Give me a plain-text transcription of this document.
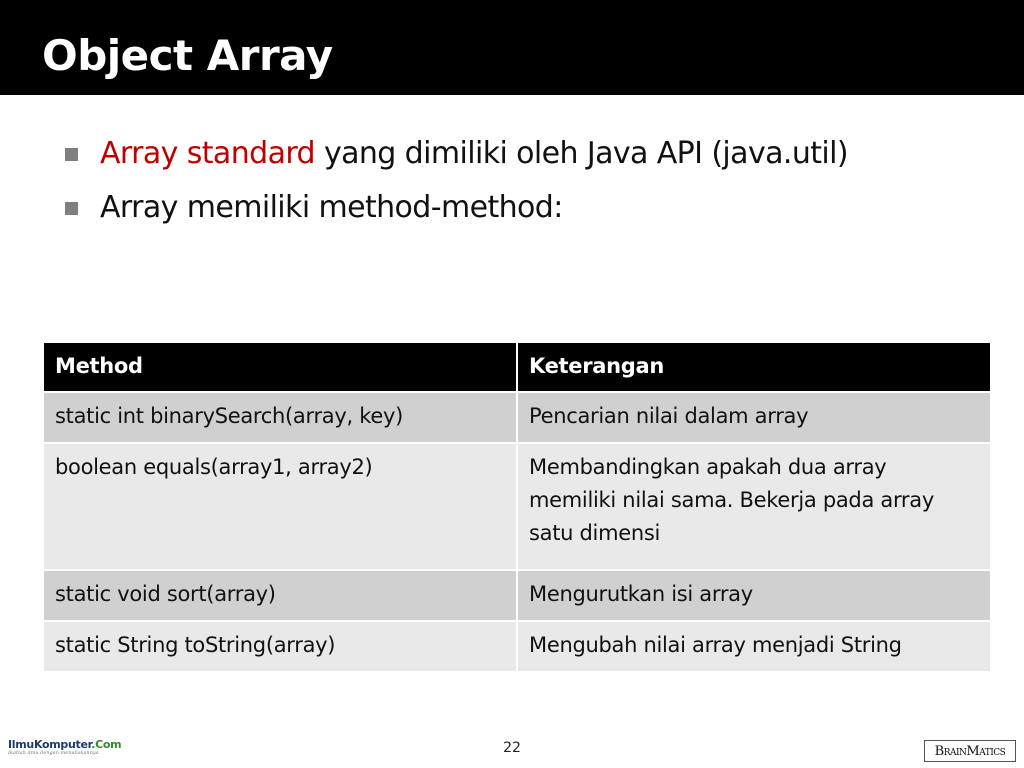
Object Array
Array standard yang dimiliki oleh Java API (java.util)
Array memiliki method-method:
Method	Keterangan
static int binarySearch(array, key)	Pencarian nilai dalam array
boolean equals(array1, array2)	Membandingkan apakah dua array memiliki nilai sama. Bekerja pada array satu dimensi
static void sort(array)	Mengurutkan isi array
static String toString(array)	Mengubah nilai array menjadi String
IlmuKomputer.Com
Ikatlah ilmu dengan menuliskannya	22	BrainMatics
